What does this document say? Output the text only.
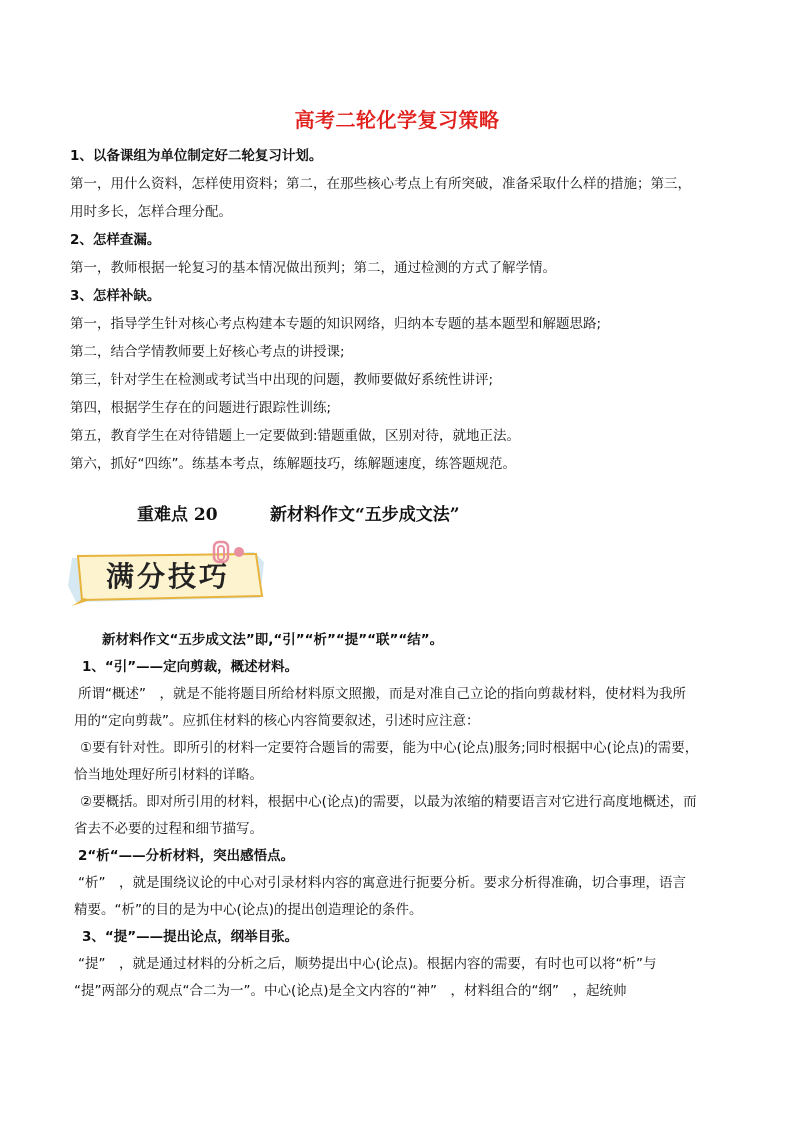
高考二轮化学复习策略
1、以备课组为单位制定好二轮复习计划。
第一，用什么资料，怎样使用资料；第二，在那些核心考点上有所突破，准备采取什么样的措施；第三，
用时多长，怎样合理分配。
2、怎样查漏。
第一，教师根据一轮复习的基本情况做出预判；第二，通过检测的方式了解学情。
3、怎样补缺。
第一，指导学生针对核心考点构建本专题的知识网络，归纳本专题的基本题型和解题思路;
第二，结合学情教师要上好核心考点的讲授课;
第三，针对学生在检测或考试当中出现的问题，教师要做好系统性讲评;
第四，根据学生存在的问题进行跟踪性训练;
第五，教育学生在对待错题上一定要做到:错题重做，区别对待，就地正法。
第六，抓好“四练”。练基本考点，练解题技巧，练解题速度，练答题规范。
重难点 20	新材料作文“五步成文法”
满分技巧
新材料作文“五步成文法”即,“引”“析”“提”“联”“结”。
1、“引”——定向剪裁，概述材料。
所谓“概述”　，就是不能将题目所给材料原文照搬，而是对准自己立论的指向剪裁材料，使材料为我所
用的“定向剪裁”。应抓住材料的核心内容简要叙述，引述时应注意：
①要有针对性。即所引的材料一定要符合题旨的需要，能为中心(论点)服务;同时根据中心(论点)的需要，
恰当地处理好所引材料的详略。
②要概括。即对所引用的材料，根据中心(论点)的需要，以最为浓缩的精要语言对它进行高度地概述，而
省去不必要的过程和细节描写。
2“析“——分析材料，突出感悟点。
“析”　，就是围绕议论的中心对引录材料内容的寓意进行扼要分析。要求分析得准确，切合事理，语言
精要。“析”的目的是为中心(论点)的提出创造理论的条件。
3、“提”——提出论点，纲举目张。
“提”　，就是通过材料的分析之后，顺势提出中心(论点)。根据内容的需要，有时也可以将“析”与
“提”两部分的观点“合二为一”。中心(论点)是全文内容的“神”　，材料组合的“纲”　，起统帅
